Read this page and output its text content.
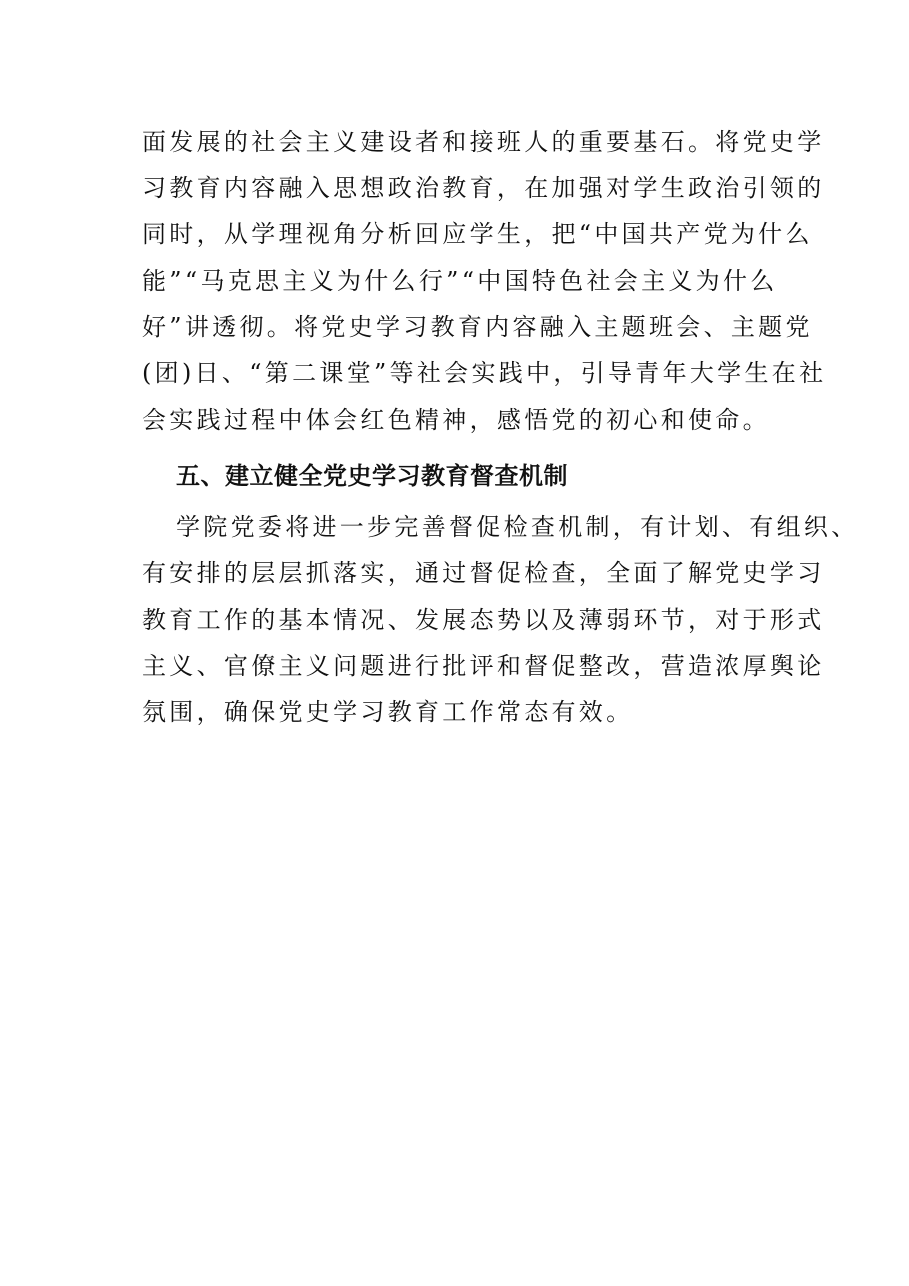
面发展的社会主义建设者和接班人的重要基石。将党史学
习教育内容融入思想政治教育，在加强对学生政治引领的
同时，从学理视角分析回应学生，把“中国共产党为什么
能”“马克思主义为什么行”“中国特色社会主义为什么
好”讲透彻。将党史学习教育内容融入主题班会、主题党
(团)日、“第二课堂”等社会实践中，引导青年大学生在社
会实践过程中体会红色精神，感悟党的初心和使命。
五、建立健全党史学习教育督查机制
学院党委将进一步完善督促检查机制，有计划、有组织、
有安排的层层抓落实，通过督促检查，全面了解党史学习
教育工作的基本情况、发展态势以及薄弱环节，对于形式
主义、官僚主义问题进行批评和督促整改，营造浓厚舆论
氛围，确保党史学习教育工作常态有效。
